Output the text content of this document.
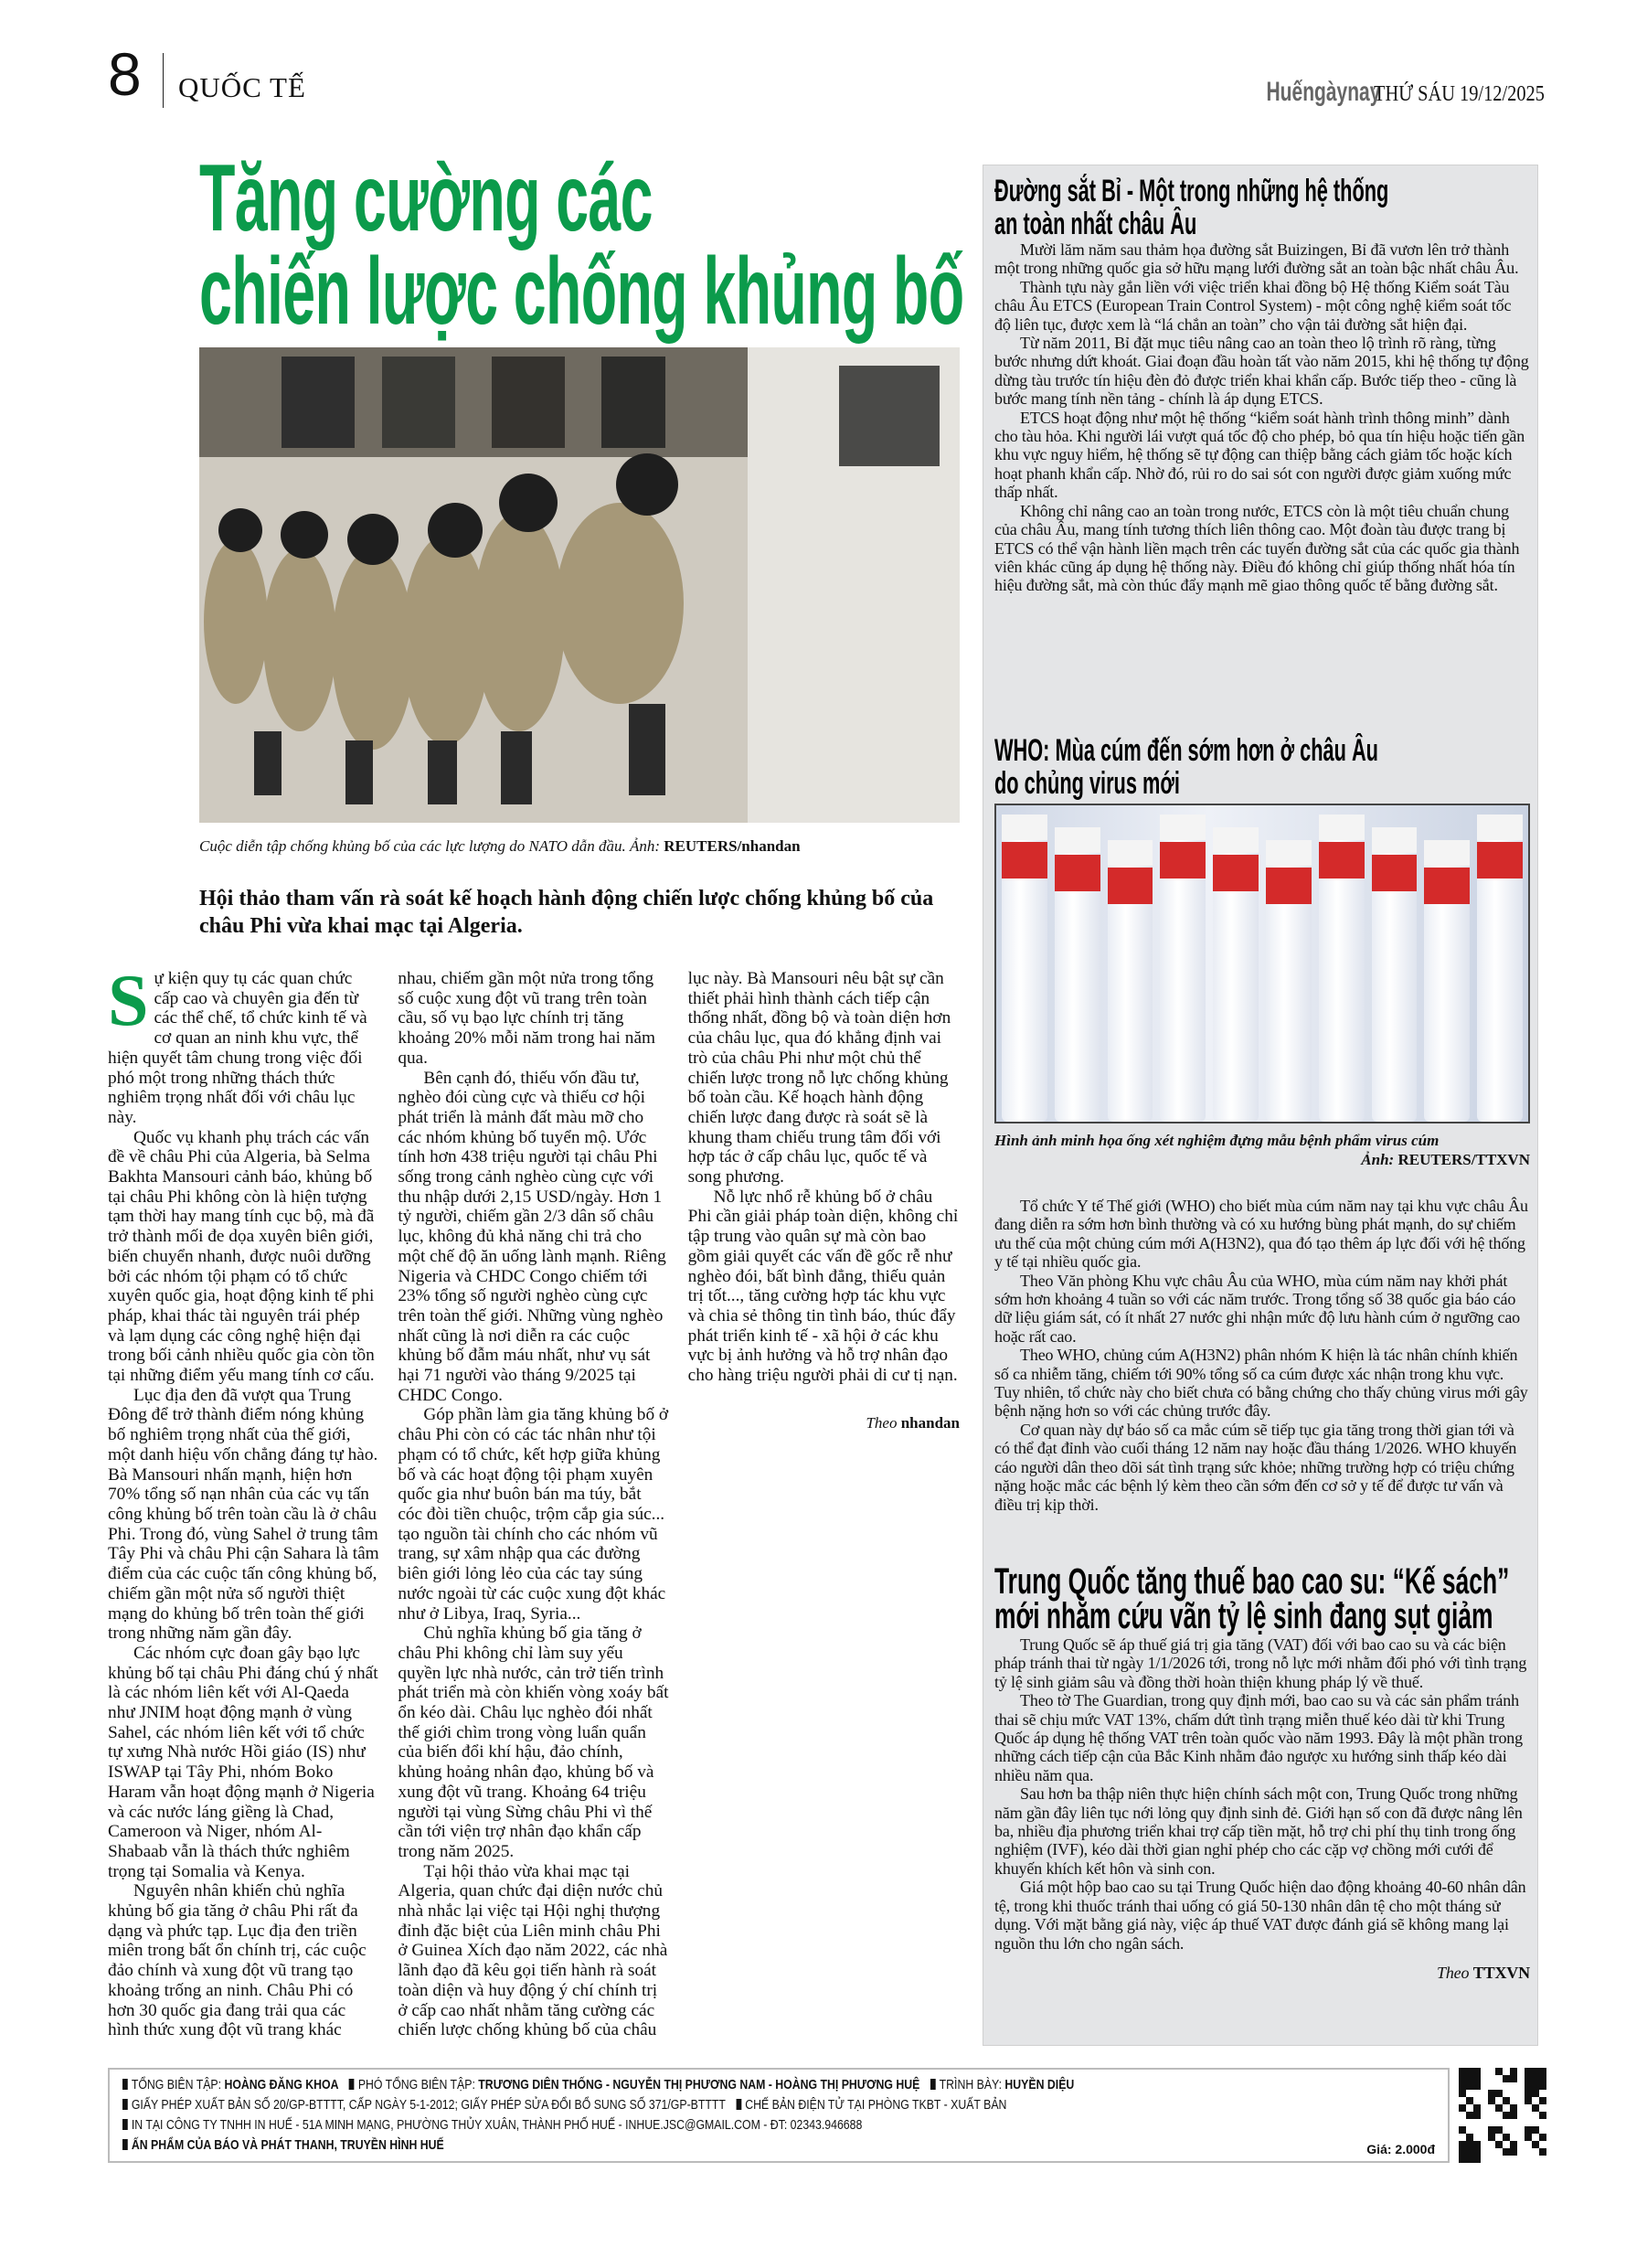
8 QUỐC TẾ	Huếngàynay
THỨ SÁU 19/12/2025
Tăng cường các
chiến lược chống khủng bố
Cuộc diễn tập chống khủng bố của các lực lượng do NATO dẫn đầu. Ảnh: REUTERS/nhandan

Hội thảo tham vấn rà soát kế hoạch hành động chiến lược chống khủng bố của châu Phi vừa khai mạc tại Algeria.

Sự kiện quy tụ các quan chức cấp cao và chuyên gia đến từ các thể chế, tổ chức kinh tế và cơ quan an ninh khu vực, thể hiện quyết tâm chung trong việc đối phó một trong những thách thức nghiêm trọng nhất đối với châu lục này.

Quốc vụ khanh phụ trách các vấn đề về châu Phi của Algeria, bà Selma Bakhta Mansouri cảnh báo, khủng bố tại châu Phi không còn là hiện tượng tạm thời hay mang tính cục bộ, mà đã trở thành mối đe dọa xuyên biên giới, biến chuyển nhanh, được nuôi dưỡng bởi các nhóm tội phạm có tổ chức xuyên quốc gia, hoạt động kinh tế phi pháp, khai thác tài nguyên trái phép và lạm dụng các công nghệ hiện đại trong bối cảnh nhiều quốc gia còn tồn tại những điểm yếu mang tính cơ cấu.

Lục địa đen đã vượt qua Trung Đông để trở thành điểm nóng khủng bố nghiêm trọng nhất của thế giới, một danh hiệu vốn chẳng đáng tự hào. Bà Mansouri nhấn mạnh, hiện hơn 70% tổng số nạn nhân của các vụ tấn công khủng bố trên toàn cầu là ở châu Phi. Trong đó, vùng Sahel ở trung tâm Tây Phi và châu Phi cận Sahara là tâm điểm của các cuộc tấn công khủng bố, chiếm gần một nửa số người thiệt mạng do khủng bố trên toàn thế giới trong những năm gần đây.

Các nhóm cực đoan gây bạo lực khủng bố tại châu Phi đáng chú ý nhất là các nhóm liên kết với Al-Qaeda như JNIM hoạt động mạnh ở vùng Sahel, các nhóm liên kết với tổ chức tự xưng Nhà nước Hồi giáo (IS) như ISWAP tại Tây Phi, nhóm Boko Haram vẫn hoạt động mạnh ở Nigeria và các nước láng giềng là Chad, Cameroon và Niger, nhóm Al-Shabaab vẫn là thách thức nghiêm trọng tại Somalia và Kenya.

Nguyên nhân khiến chủ nghĩa khủng bố gia tăng ở châu Phi rất đa dạng và phức tạp. Lục địa đen triền miên trong bất ổn chính trị, các cuộc đảo chính và xung đột vũ trang tạo khoảng trống an ninh. Châu Phi có hơn 30 quốc gia đang trải qua các hình thức xung đột vũ trang khác nhau, chiếm gần một nửa trong tổng số cuộc xung đột vũ trang trên toàn cầu, số vụ bạo lực chính trị tăng khoảng 20% mỗi năm trong hai năm qua.

Bên cạnh đó, thiếu vốn đầu tư, nghèo đói cùng cực và thiếu cơ hội phát triển là mảnh đất màu mỡ cho các nhóm khủng bố tuyển mộ. Ước tính hơn 438 triệu người tại châu Phi sống trong cảnh nghèo cùng cực với thu nhập dưới 2,15 USD/ngày. Hơn 1 tỷ người, chiếm gần 2/3 dân số châu lục, không đủ khả năng chi trả cho một chế độ ăn uống lành mạnh. Riêng Nigeria và CHDC Congo chiếm tới 23% tổng số người nghèo cùng cực trên toàn thế giới. Những vùng nghèo nhất cũng là nơi diễn ra các cuộc khủng bố đẫm máu nhất, như vụ sát hại 71 người vào tháng 9/2025 tại CHDC Congo.

Góp phần làm gia tăng khủng bố ở châu Phi còn có các tác nhân như tội phạm có tổ chức, kết hợp giữa khủng bố và các hoạt động tội phạm xuyên quốc gia như buôn bán ma túy, bắt cóc đòi tiền chuộc, trộm cắp gia súc... tạo nguồn tài chính cho các nhóm vũ trang, sự xâm nhập qua các đường biên giới lỏng lẻo của các tay súng nước ngoài từ các cuộc xung đột khác như ở Libya, Iraq, Syria...

Chủ nghĩa khủng bố gia tăng ở châu Phi không chỉ làm suy yếu quyền lực nhà nước, cản trở tiến trình phát triển mà còn khiến vòng xoáy bất ổn kéo dài. Châu lục nghèo đói nhất thế giới chìm trong vòng luẩn quẩn của biến đổi khí hậu, đảo chính, khủng hoảng nhân đạo, khủng bố và xung đột vũ trang. Khoảng 64 triệu người tại vùng Sừng châu Phi vì thế cần tới viện trợ nhân đạo khẩn cấp trong năm 2025.

Tại hội thảo vừa khai mạc tại Algeria, quan chức đại diện nước chủ nhà nhắc lại việc tại Hội nghị thượng đỉnh đặc biệt của Liên minh châu Phi ở Guinea Xích đạo năm 2022, các nhà lãnh đạo đã kêu gọi tiến hành rà soát toàn diện và huy động ý chí chính trị ở cấp cao nhất nhằm tăng cường các chiến lược chống khủng bố của châu lục này. Bà Mansouri nêu bật sự cần thiết phải hình thành cách tiếp cận thống nhất, đồng bộ và toàn diện hơn của châu lục, qua đó khẳng định vai trò của châu Phi như một chủ thể chiến lược trong nỗ lực chống khủng bố toàn cầu. Kế hoạch hành động chiến lược đang được rà soát sẽ là khung tham chiếu trung tâm đối với hợp tác ở cấp châu lục, quốc tế và song phương.

Nỗ lực nhổ rễ khủng bố ở châu Phi cần giải pháp toàn diện, không chỉ tập trung vào quân sự mà còn bao gồm giải quyết các vấn đề gốc rễ như nghèo đói, bất bình đẳng, thiếu quản trị tốt..., tăng cường hợp tác khu vực và chia sẻ thông tin tình báo, thúc đẩy phát triển kinh tế - xã hội ở các khu vực bị ảnh hưởng và hỗ trợ nhân đạo cho hàng triệu người phải di cư tị nạn.

Theo nhandan
Đường sắt Bỉ - Một trong những hệ thống
an toàn nhất châu Âu

Mười lăm năm sau thảm họa đường sắt Buizingen, Bỉ đã vươn lên trở thành một trong những quốc gia sở hữu mạng lưới đường sắt an toàn bậc nhất châu Âu.

Thành tựu này gắn liền với việc triển khai đồng bộ Hệ thống Kiểm soát Tàu châu Âu ETCS (European Train Control System) - một công nghệ kiểm soát tốc độ liên tục, được xem là “lá chắn an toàn” cho vận tải đường sắt hiện đại.

Từ năm 2011, Bỉ đặt mục tiêu nâng cao an toàn theo lộ trình rõ ràng, từng bước nhưng dứt khoát. Giai đoạn đầu hoàn tất vào năm 2015, khi hệ thống tự động dừng tàu trước tín hiệu đèn đỏ được triển khai khẩn cấp. Bước tiếp theo - cũng là bước mang tính nền tảng - chính là áp dụng ETCS.

ETCS hoạt động như một hệ thống “kiểm soát hành trình thông minh” dành cho tàu hỏa. Khi người lái vượt quá tốc độ cho phép, bỏ qua tín hiệu hoặc tiến gần khu vực nguy hiểm, hệ thống sẽ tự động can thiệp bằng cách giảm tốc hoặc kích hoạt phanh khẩn cấp. Nhờ đó, rủi ro do sai sót con người được giảm xuống mức thấp nhất.

Không chỉ nâng cao an toàn trong nước, ETCS còn là một tiêu chuẩn chung của châu Âu, mang tính tương thích liên thông cao. Một đoàn tàu được trang bị ETCS có thể vận hành liền mạch trên các tuyến đường sắt của các quốc gia thành viên khác cũng áp dụng hệ thống này. Điều đó không chỉ giúp thống nhất hóa tín hiệu đường sắt, mà còn thúc đẩy mạnh mẽ giao thông quốc tế bằng đường sắt.

WHO: Mùa cúm đến sớm hơn ở châu Âu
do chủng virus mới
Hình ảnh minh họa ống xét nghiệm đựng mẫu bệnh phẩm virus cúm
Ảnh: REUTERS/TTXVN

Tổ chức Y tế Thế giới (WHO) cho biết mùa cúm năm nay tại khu vực châu Âu đang diễn ra sớm hơn bình thường và có xu hướng bùng phát mạnh, do sự chiếm ưu thế của một chủng cúm mới A(H3N2), qua đó tạo thêm áp lực đối với hệ thống y tế tại nhiều quốc gia.

Theo Văn phòng Khu vực châu Âu của WHO, mùa cúm năm nay khởi phát sớm hơn khoảng 4 tuần so với các năm trước. Trong tổng số 38 quốc gia báo cáo dữ liệu giám sát, có ít nhất 27 nước ghi nhận mức độ lưu hành cúm ở ngưỡng cao hoặc rất cao.

Theo WHO, chủng cúm A(H3N2) phân nhóm K hiện là tác nhân chính khiến số ca nhiễm tăng, chiếm tới 90% tổng số ca cúm được xác nhận trong khu vực. Tuy nhiên, tổ chức này cho biết chưa có bằng chứng cho thấy chủng virus mới gây bệnh nặng hơn so với các chủng trước đây.

Cơ quan này dự báo số ca mắc cúm sẽ tiếp tục gia tăng trong thời gian tới và có thể đạt đỉnh vào cuối tháng 12 năm nay hoặc đầu tháng 1/2026. WHO khuyến cáo người dân theo dõi sát tình trạng sức khỏe; những trường hợp có triệu chứng nặng hoặc mắc các bệnh lý kèm theo cần sớm đến cơ sở y tế để được tư vấn và điều trị kịp thời.

Trung Quốc tăng thuế bao cao su: “Kế sách”
mới nhằm cứu vãn tỷ lệ sinh đang sụt giảm

Trung Quốc sẽ áp thuế giá trị gia tăng (VAT) đối với bao cao su và các biện pháp tránh thai từ ngày 1/1/2026 tới, trong nỗ lực mới nhằm đối phó với tình trạng tỷ lệ sinh giảm sâu và đồng thời hoàn thiện khung pháp lý về thuế.

Theo tờ The Guardian, trong quy định mới, bao cao su và các sản phẩm tránh thai sẽ chịu mức VAT 13%, chấm dứt tình trạng miễn thuế kéo dài từ khi Trung Quốc áp dụng hệ thống VAT trên toàn quốc vào năm 1993. Đây là một phần trong những cách tiếp cận của Bắc Kinh nhằm đảo ngược xu hướng sinh thấp kéo dài nhiều năm qua.

Sau hơn ba thập niên thực hiện chính sách một con, Trung Quốc trong những năm gần đây liên tục nới lỏng quy định sinh đẻ. Giới hạn số con đã được nâng lên ba, nhiều địa phương triển khai trợ cấp tiền mặt, hỗ trợ chi phí thụ tinh trong ống nghiệm (IVF), kéo dài thời gian nghỉ phép cho các cặp vợ chồng mới cưới để khuyến khích kết hôn và sinh con.

Giá một hộp bao cao su tại Trung Quốc hiện dao động khoảng 40-60 nhân dân tệ, trong khi thuốc tránh thai uống có giá 50-130 nhân dân tệ cho một tháng sử dụng. Với mặt bằng giá này, việc áp thuế VAT được đánh giá sẽ không mang lại nguồn thu lớn cho ngân sách.

Theo TTXVN
TỔNG BIÊN TẬP: HOÀNG ĐĂNG KHOA	PHÓ TỔNG BIÊN TẬP: TRƯƠNG DIÊN THỐNG - NGUYỄN THỊ PHƯƠNG NAM - HOÀNG THỊ PHƯƠNG HUỆ	TRÌNH BÀY: HUYỀN DIỆU
GIẤY PHÉP XUẤT BẢN SỐ 20/GP-BTTTT, CẤP NGÀY 5-1-2012; GIẤY PHÉP SỬA ĐỔI BỔ SUNG SỐ 371/GP-BTTTT	CHẾ BẢN ĐIỆN TỬ TẠI PHÒNG TKBT - XUẤT BẢN
IN TẠI CÔNG TY TNHH IN HUẾ - 51A MINH MẠNG, PHƯỜNG THỦY XUÂN, THÀNH PHỐ HUẾ - INHUE.JSC@GMAIL.COM - ĐT: 02343.946688
ẤN PHẨM CỦA BÁO VÀ PHÁT THANH, TRUYỀN HÌNH HUẾ	Giá: 2.000đ
